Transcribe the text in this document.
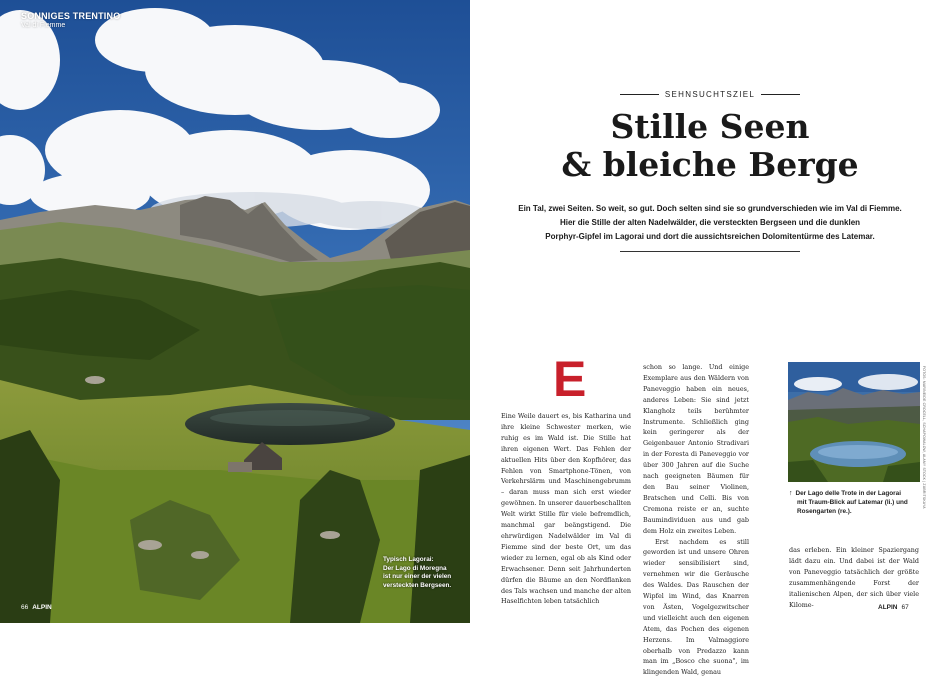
SONNIGES TRENTINO
Val di Fiemme
Typisch Lagorai:
Der Lago di Moregna
ist nur einer der vielen
versteckten Bergseen.
66 ALPIN
SEHNSUCHTSZIEL
Stille Seen
& bleiche Berge
Ein Tal, zwei Seiten. So weit, so gut. Doch selten sind sie so grundverschieden wie im Val di Fiemme.
Hier die Stille der alten Nadelwälder, die versteckten Bergseen und die dunklen
Porphyr-Gipfel im Lagorai und dort die aussichtsreichen Dolomitentürme des Latemar.

Eine Weile dauert es, bis Katharina und ihre kleine Schwester merken, wie ruhig es im Wald ist. Die Stille hat ihren eigenen Wert. Das Fehlen der aktuellen Hits über den Kopfhörer, das Fehlen von Smartphone-Tönen, von Verkehrslärm und Maschinengebrumm – daran muss man sich erst wieder gewöhnen. In unserer dauerbeschallten Welt wirkt Stille für viele befremdlich, manchmal gar beängstigend. Die ehrwürdigen Nadelwälder im Val di Fiemme sind der beste Ort, um das wieder zu lernen, egal ob als Kind oder Erwachsener. Denn seit Jahrhunderten dürfen die Bäume an den Nordflanken des Tals wachsen und manche der alten Haselfichten leben tatsächlich

schon so lange. Und einige Exemplare aus den Wäldern von Paneveggio haben ein neues, anderes Leben: Sie sind jetzt Klangholz teils berühmter Instrumente. Schließlich ging kein geringerer als der Geigenbauer Antonio Stradivari in der Foresta di Paneveggio vor über 300 Jahren auf die Suche nach geeigneten Bäumen für den Bau seiner Violinen, Bratschen und Celli. Bis von Cremona reiste er an, suchte Baumindividuen aus und gab dem Holz ein zweites Leben.

Erst nachdem es still geworden ist und unsere Ohren wieder sensibilisiert sind, vernehmen wir die Geräusche des Waldes. Das Rauschen der Wipfel im Wind, das Knarren von Ästen, Vogelgezwitscher und vielleicht auch den eigenen Atem, das Pochen des eigenen Herzens. Im Valmaggiore oberhalb von Predazzo kann man im „Bosco che suona", im klingenden Wald, genau

FOTOS: MARINEIDE CROCELL, SCHAPOWALOW, ALAMY STOCK | ZUBRITSKAYA
↑ Der Lago delle Trote in der Lagorai
mit Traum-Blick auf Latemar (li.) und
Rosengarten (re.).

das erleben. Ein kleiner Spaziergang lädt dazu ein. Und dabei ist der Wald von Paneveggio tatsächlich der größte zusammenhängende Forst der italienischen Alpen, der sich über viele Kilome-	ALPIN 67
E
